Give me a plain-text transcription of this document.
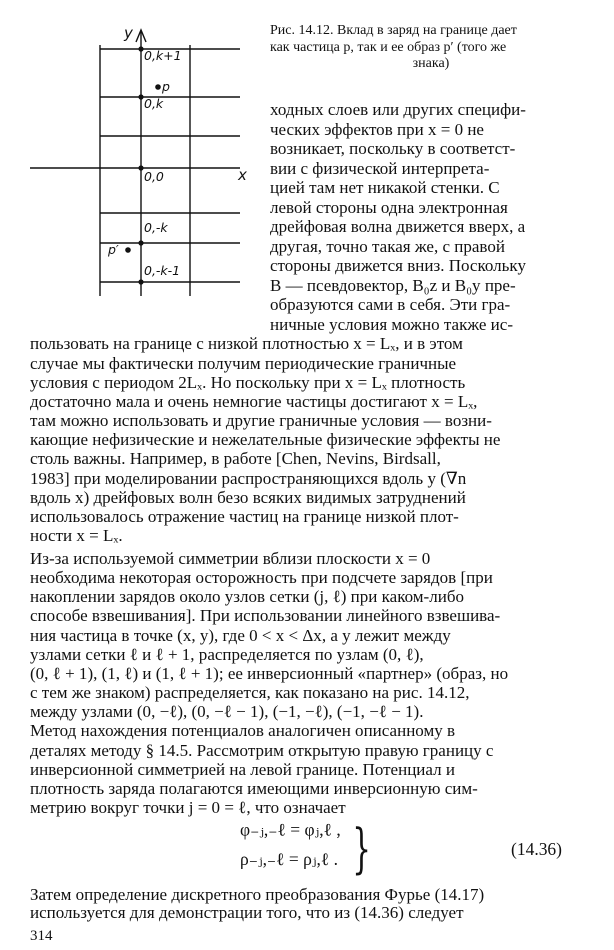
y
x
0,k+1
0,k
0,0
0,-k
0,-k-1
p
p′
Рис. 14.12. Вклад в заряд на границе дает
как частица p, так и ее образ p′ (того же
знака)
ходных слоев или других специфи-
ческих эффектов при x = 0 не
возникает, поскольку в соответст-
вии с физической интерпрета-
цией там нет никакой стенки. С
левой стороны одна электронная
дрейфовая волна движется вверх, а
другая, точно такая же, с правой
стороны движется вниз. Поскольку
B — псевдовектор, B₀z и B₀y пре-
образуются сами в себя. Эти гра-
ничные условия можно также ис-
пользовать на границе с низкой плотностью x = Lₓ, и в этом
случае мы фактически получим периодические граничные
условия с периодом 2Lₓ. Но поскольку при x = Lₓ плотность
достаточно мала и очень немногие частицы достигают x = Lₓ,
там можно использовать и другие граничные условия — возни-
кающие нефизические и нежелательные физические эффекты не
столь важны. Например, в работе [Chen, Nevins, Birdsall,
1983] при моделировании распространяющихся вдоль y (∇n
вдоль x) дрейфовых волн безо всяких видимых затруднений
использовалось отражение частиц на границе низкой плот-
ности x = Lₓ.
Из-за используемой симметрии вблизи плоскости x = 0
необходима некоторая осторожность при подсчете зарядов [при
накоплении зарядов около узлов сетки (j, ℓ) при каком-либо
способе взвешивания]. При использовании линейного взвешива-
ния частица в точке (x, y), где 0 < x < Δx, а y лежит между
узлами сетки ℓ и ℓ + 1, распределяется по узлам (0, ℓ),
(0, ℓ + 1), (1, ℓ) и (1, ℓ + 1); ее инверсионный «партнер» (образ, но
с тем же знаком) распределяется, как показано на рис. 14.12,
между узлами (0, −ℓ), (0, −ℓ − 1), (−1, −ℓ), (−1, −ℓ − 1).
Метод нахождения потенциалов аналогичен описанному в
деталях методу § 14.5. Рассмотрим открытую правую границу с
инверсионной симметрией на левой границе. Потенциал и
плотность заряда полагаются имеющими инверсионную сим-
метрию вокруг точки j = 0 = ℓ, что означает
Затем определение дискретного преобразования Фурье (14.17)
используется для демонстрации того, что из (14.36) следует
314
φ₋ⱼ,₋ℓ = φⱼ,ℓ ,
ρ₋ⱼ,₋ℓ = ρⱼ,ℓ . }	(14.36)
